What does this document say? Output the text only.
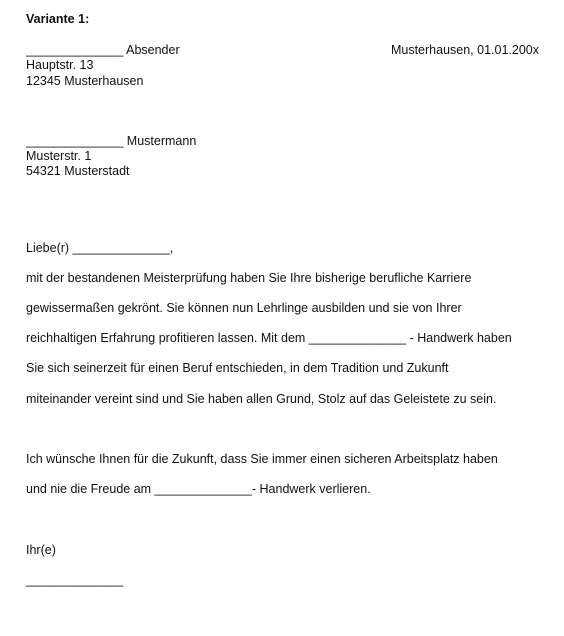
Variante 1:
______________ Absender
Hauptstr. 13
12345 Musterhausen
Musterhausen, 01.01.200x
______________ Mustermann
Musterstr. 1
54321 Musterstadt
Liebe(r) ______________,
mit der bestandenen Meisterprüfung haben Sie Ihre bisherige berufliche Karriere
gewissermaßen gekrönt. Sie können nun Lehrlinge ausbilden und sie von Ihrer
reichhaltigen Erfahrung profitieren lassen. Mit dem ______________ - Handwerk haben
Sie sich seinerzeit für einen Beruf entschieden, in dem Tradition und Zukunft
miteinander vereint sind und Sie haben allen Grund, Stolz auf das Geleistete zu sein.
Ich wünsche Ihnen für die Zukunft, dass Sie immer einen sicheren Arbeitsplatz haben
und nie die Freude am ______________- Handwerk verlieren.
Ihr(e)
______________
